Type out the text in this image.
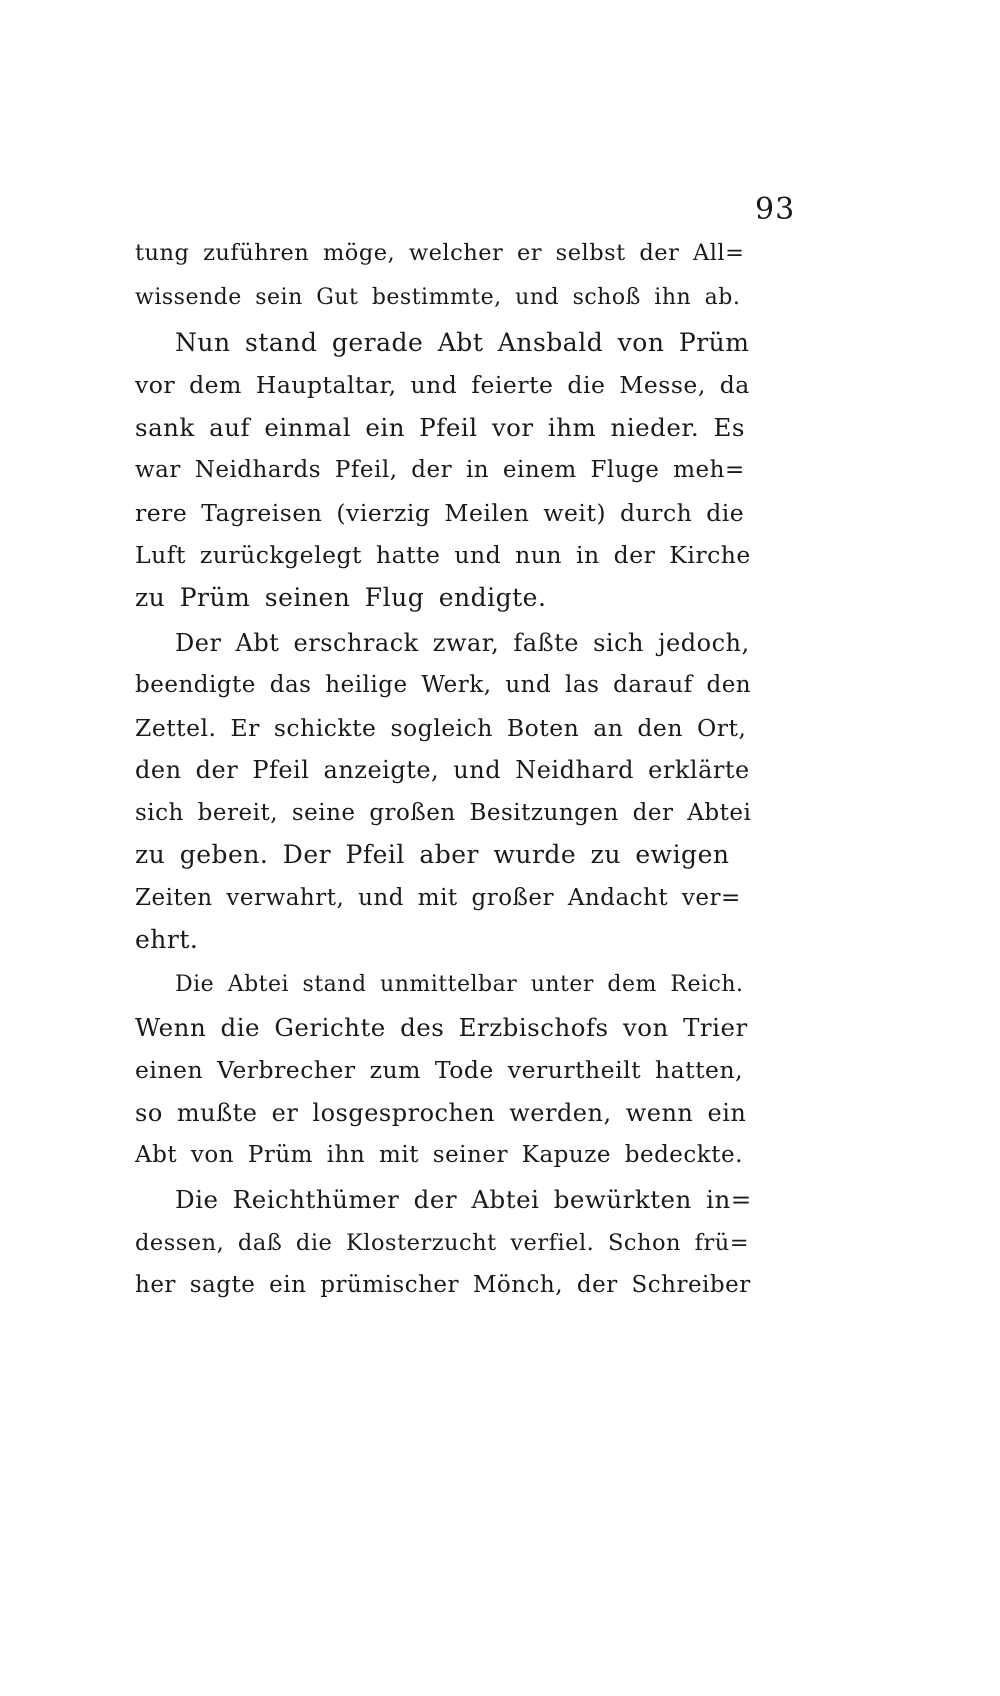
93
tung zuführen möge, welcher er selbst der All=
wissende sein Gut bestimmte, und schoß ihn ab.
Nun stand gerade Abt Ansbald von Prüm
vor dem Hauptaltar, und feierte die Messe, da
sank auf einmal ein Pfeil vor ihm nieder. Es
war Neidhards Pfeil, der in einem Fluge meh=
rere Tagreisen (vierzig Meilen weit) durch die
Luft zurückgelegt hatte und nun in der Kirche
zu Prüm seinen Flug endigte.
Der Abt erschrack zwar, faßte sich jedoch,
beendigte das heilige Werk, und las darauf den
Zettel. Er schickte sogleich Boten an den Ort,
den der Pfeil anzeigte, und Neidhard erklärte
sich bereit, seine großen Besitzungen der Abtei
zu geben. Der Pfeil aber wurde zu ewigen
Zeiten verwahrt, und mit großer Andacht ver=
ehrt.
Die Abtei stand unmittelbar unter dem Reich.
Wenn die Gerichte des Erzbischofs von Trier
einen Verbrecher zum Tode verurtheilt hatten,
so mußte er losgesprochen werden, wenn ein
Abt von Prüm ihn mit seiner Kapuze bedeckte.
Die Reichthümer der Abtei bewürkten in=
dessen, daß die Klosterzucht verfiel. Schon frü=
her sagte ein prümischer Mönch, der Schreiber
